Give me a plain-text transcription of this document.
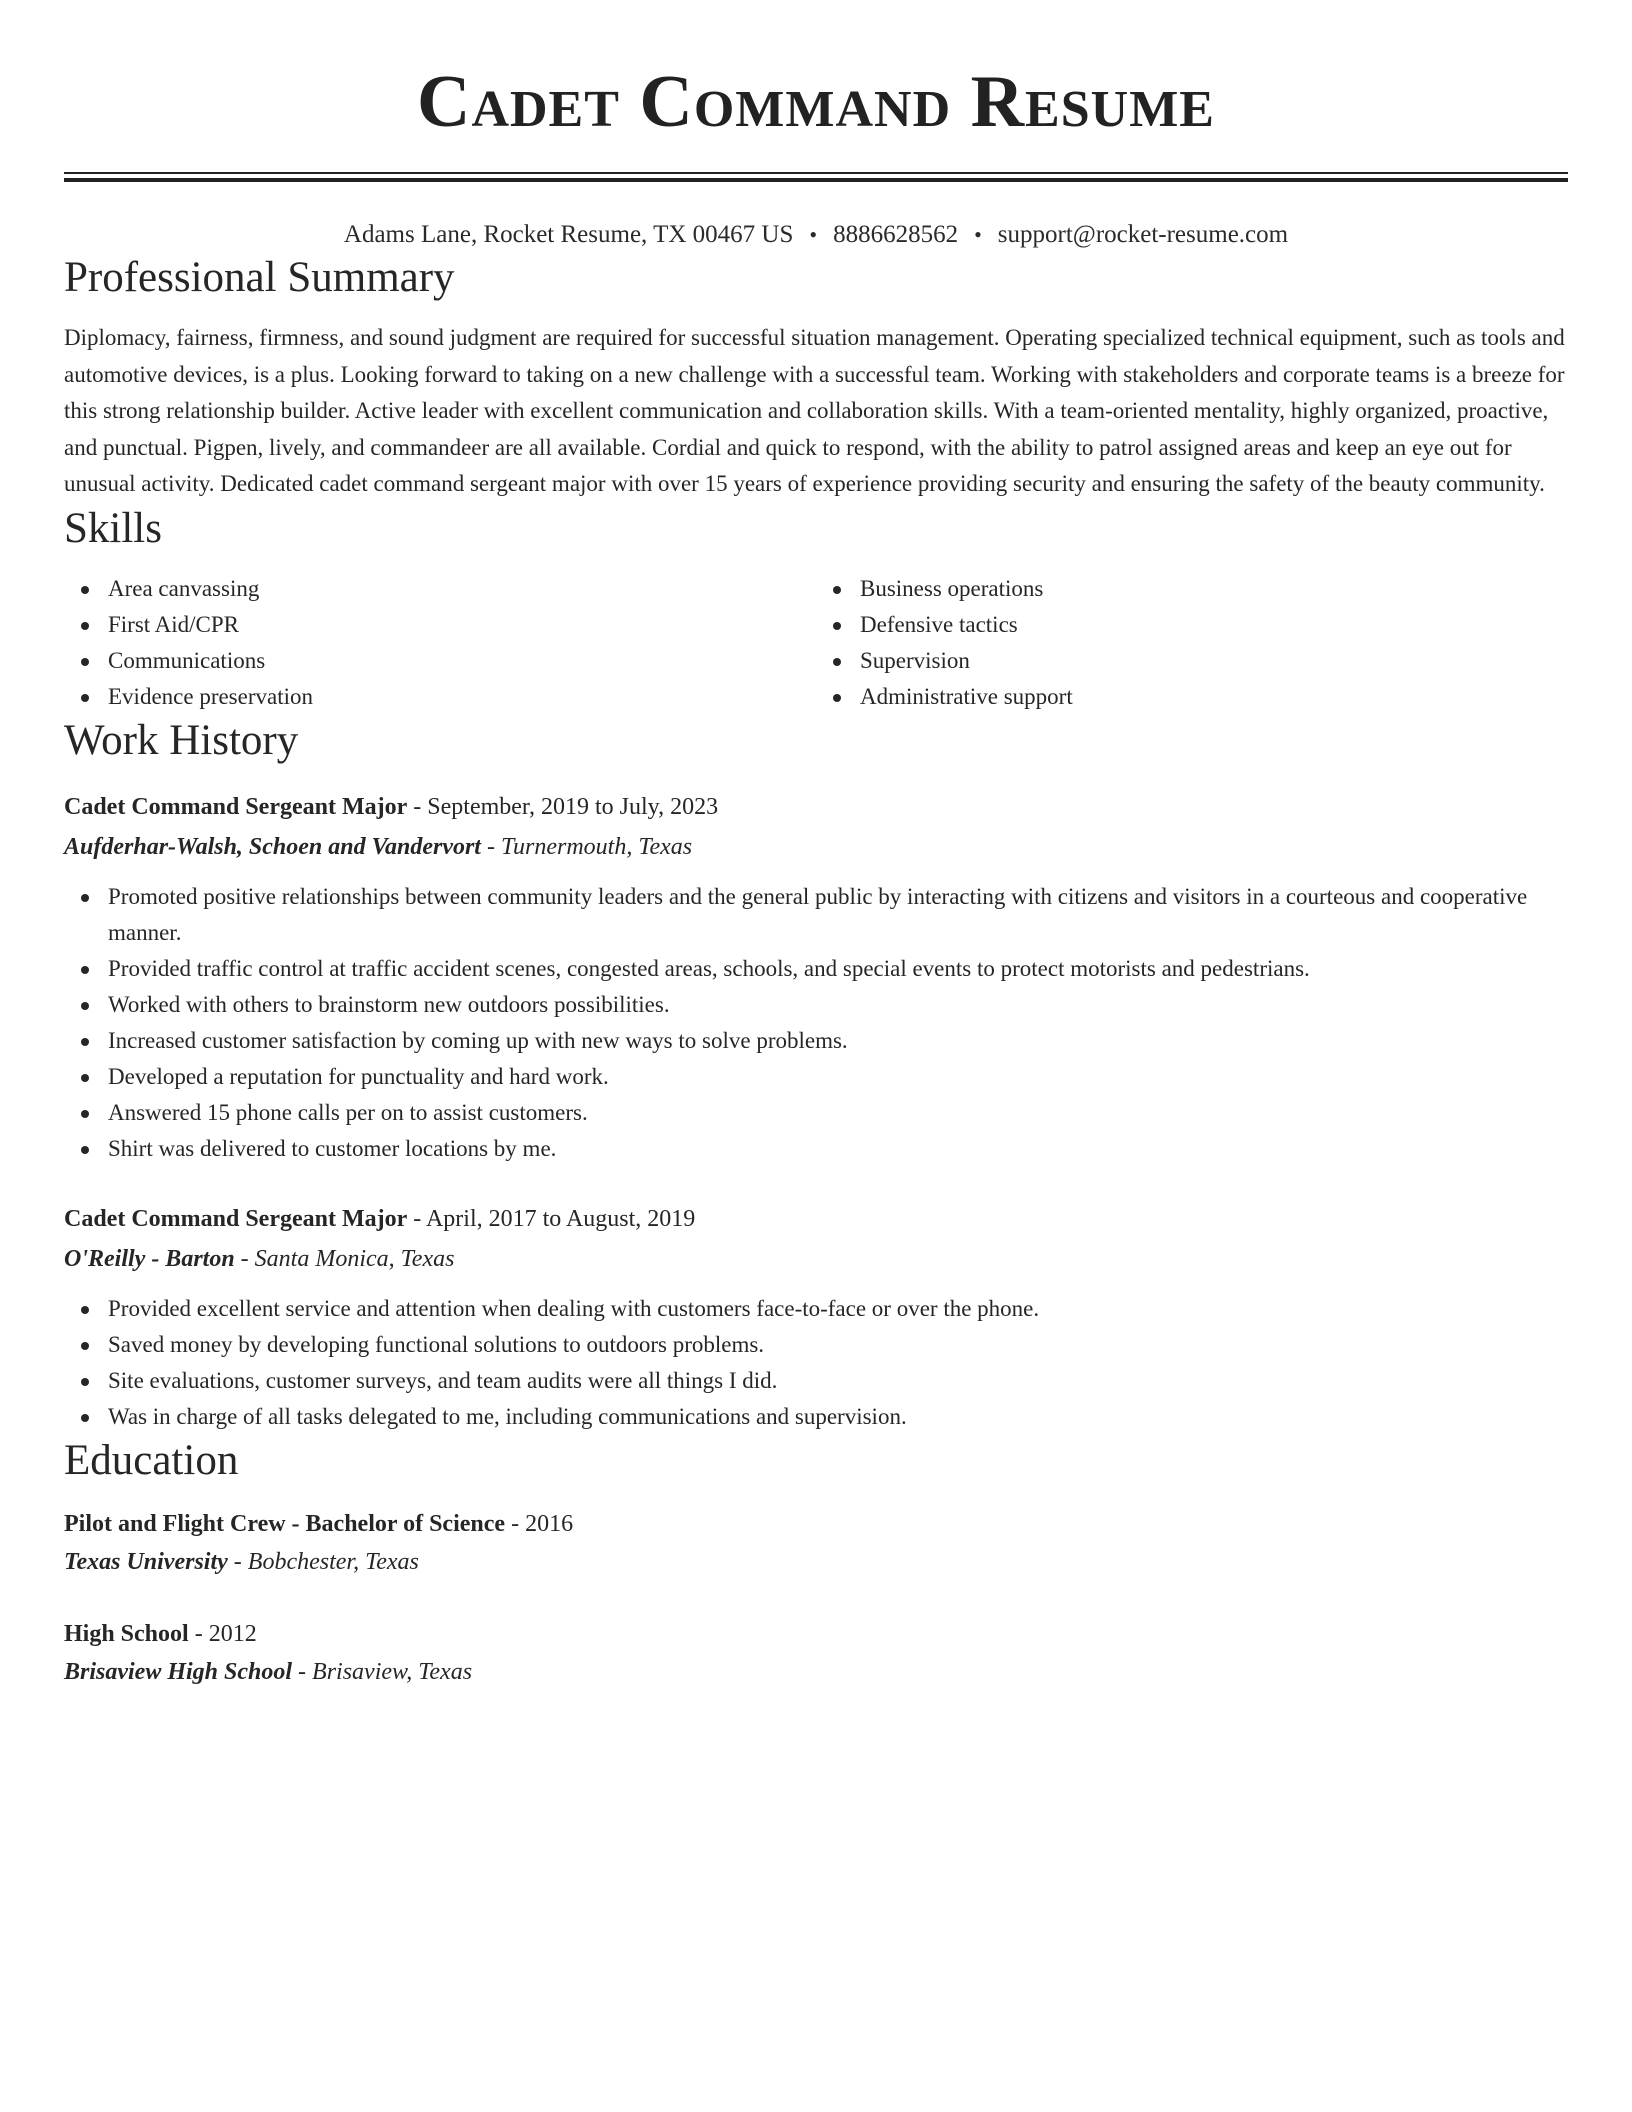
Cadet Command Resume
Adams Lane, Rocket Resume, TX 00467 US • 8886628562 • support@rocket-resume.com
Professional Summary

Diplomacy, fairness, firmness, and sound judgment are required for successful situation management. Operating specialized technical equipment, such as tools and automotive devices, is a plus. Looking forward to taking on a new challenge with a successful team. Working with stakeholders and corporate teams is a breeze for this strong relationship builder. Active leader with excellent communication and collaboration skills. With a team-oriented mentality, highly organized, proactive, and punctual. Pigpen, lively, and commandeer are all available. Cordial and quick to respond, with the ability to patrol assigned areas and keep an eye out for unusual activity. Dedicated cadet command sergeant major with over 15 years of experience providing security and ensuring the safety of the beauty community.

Skills
Area canvassing
First Aid/CPR
Communications
Evidence preservation
Business operations
Defensive tactics
Supervision
Administrative support
Work History
Cadet Command Sergeant Major - September, 2019 to July, 2023
Aufderhar-Walsh, Schoen and Vandervort - Turnermouth, Texas
Promoted positive relationships between community leaders and the general public by interacting with citizens and visitors in a courteous and cooperative manner.
Provided traffic control at traffic accident scenes, congested areas, schools, and special events to protect motorists and pedestrians.
Worked with others to brainstorm new outdoors possibilities.
Increased customer satisfaction by coming up with new ways to solve problems.
Developed a reputation for punctuality and hard work.
Answered 15 phone calls per on to assist customers.
Shirt was delivered to customer locations by me.
Cadet Command Sergeant Major - April, 2017 to August, 2019
O'Reilly - Barton - Santa Monica, Texas
Provided excellent service and attention when dealing with customers face-to-face or over the phone.
Saved money by developing functional solutions to outdoors problems.
Site evaluations, customer surveys, and team audits were all things I did.
Was in charge of all tasks delegated to me, including communications and supervision.
Education
Pilot and Flight Crew - Bachelor of Science - 2016
Texas University - Bobchester, Texas
High School - 2012
Brisaview High School - Brisaview, Texas
